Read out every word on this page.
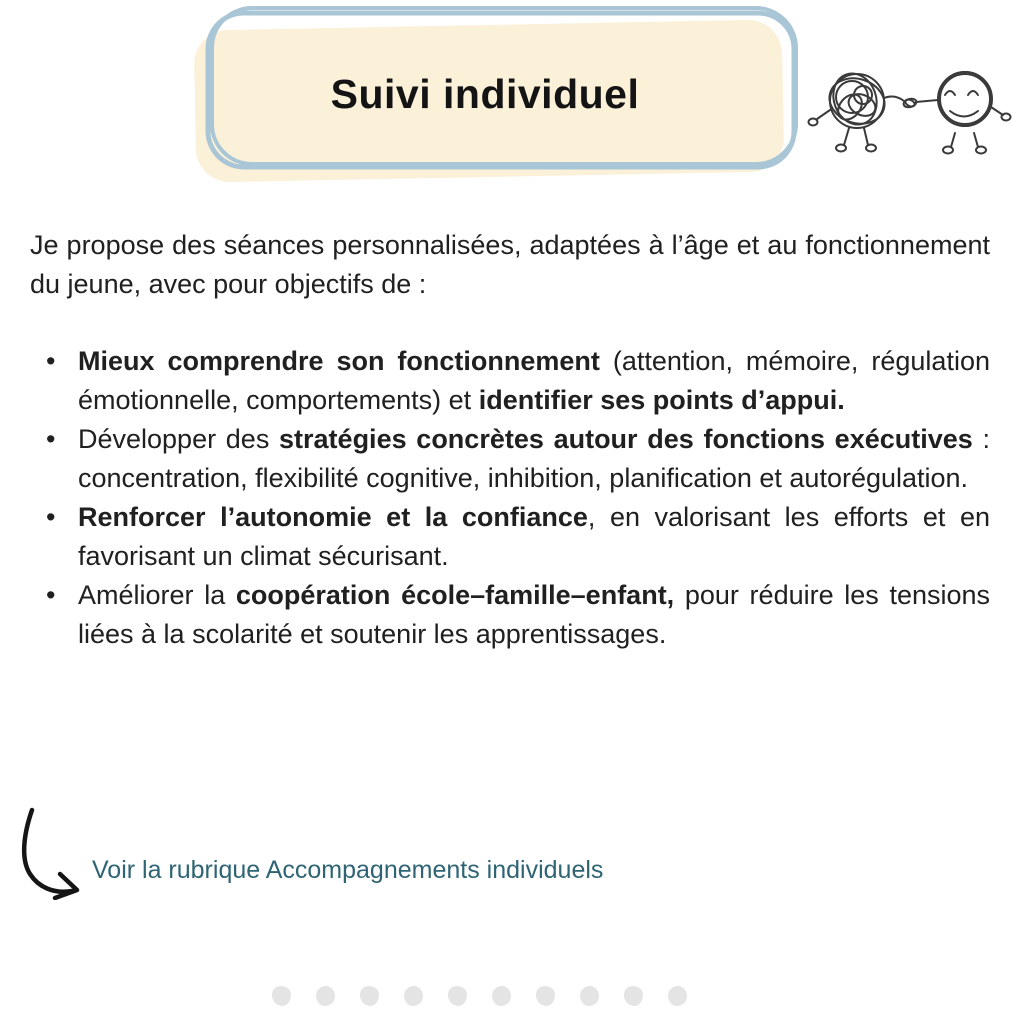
Suivi individuel

Je propose des séances personnalisées, adaptées à l’âge et au fonctionnement du jeune, avec pour objectifs de :

• Mieux comprendre son fonctionnement (attention, mémoire, régulation émotionnelle, comportements) et identifier ses points d’appui.
• Développer des stratégies concrètes autour des fonctions exécutives : concentration, flexibilité cognitive, inhibition, planification et autorégulation.
• Renforcer l’autonomie et la confiance, en valorisant les efforts et en favorisant un climat sécurisant.
• Améliorer la coopération école–famille–enfant, pour réduire les tensions liées à la scolarité et soutenir les apprentissages.
Voir la rubrique Accompagnements individuels
